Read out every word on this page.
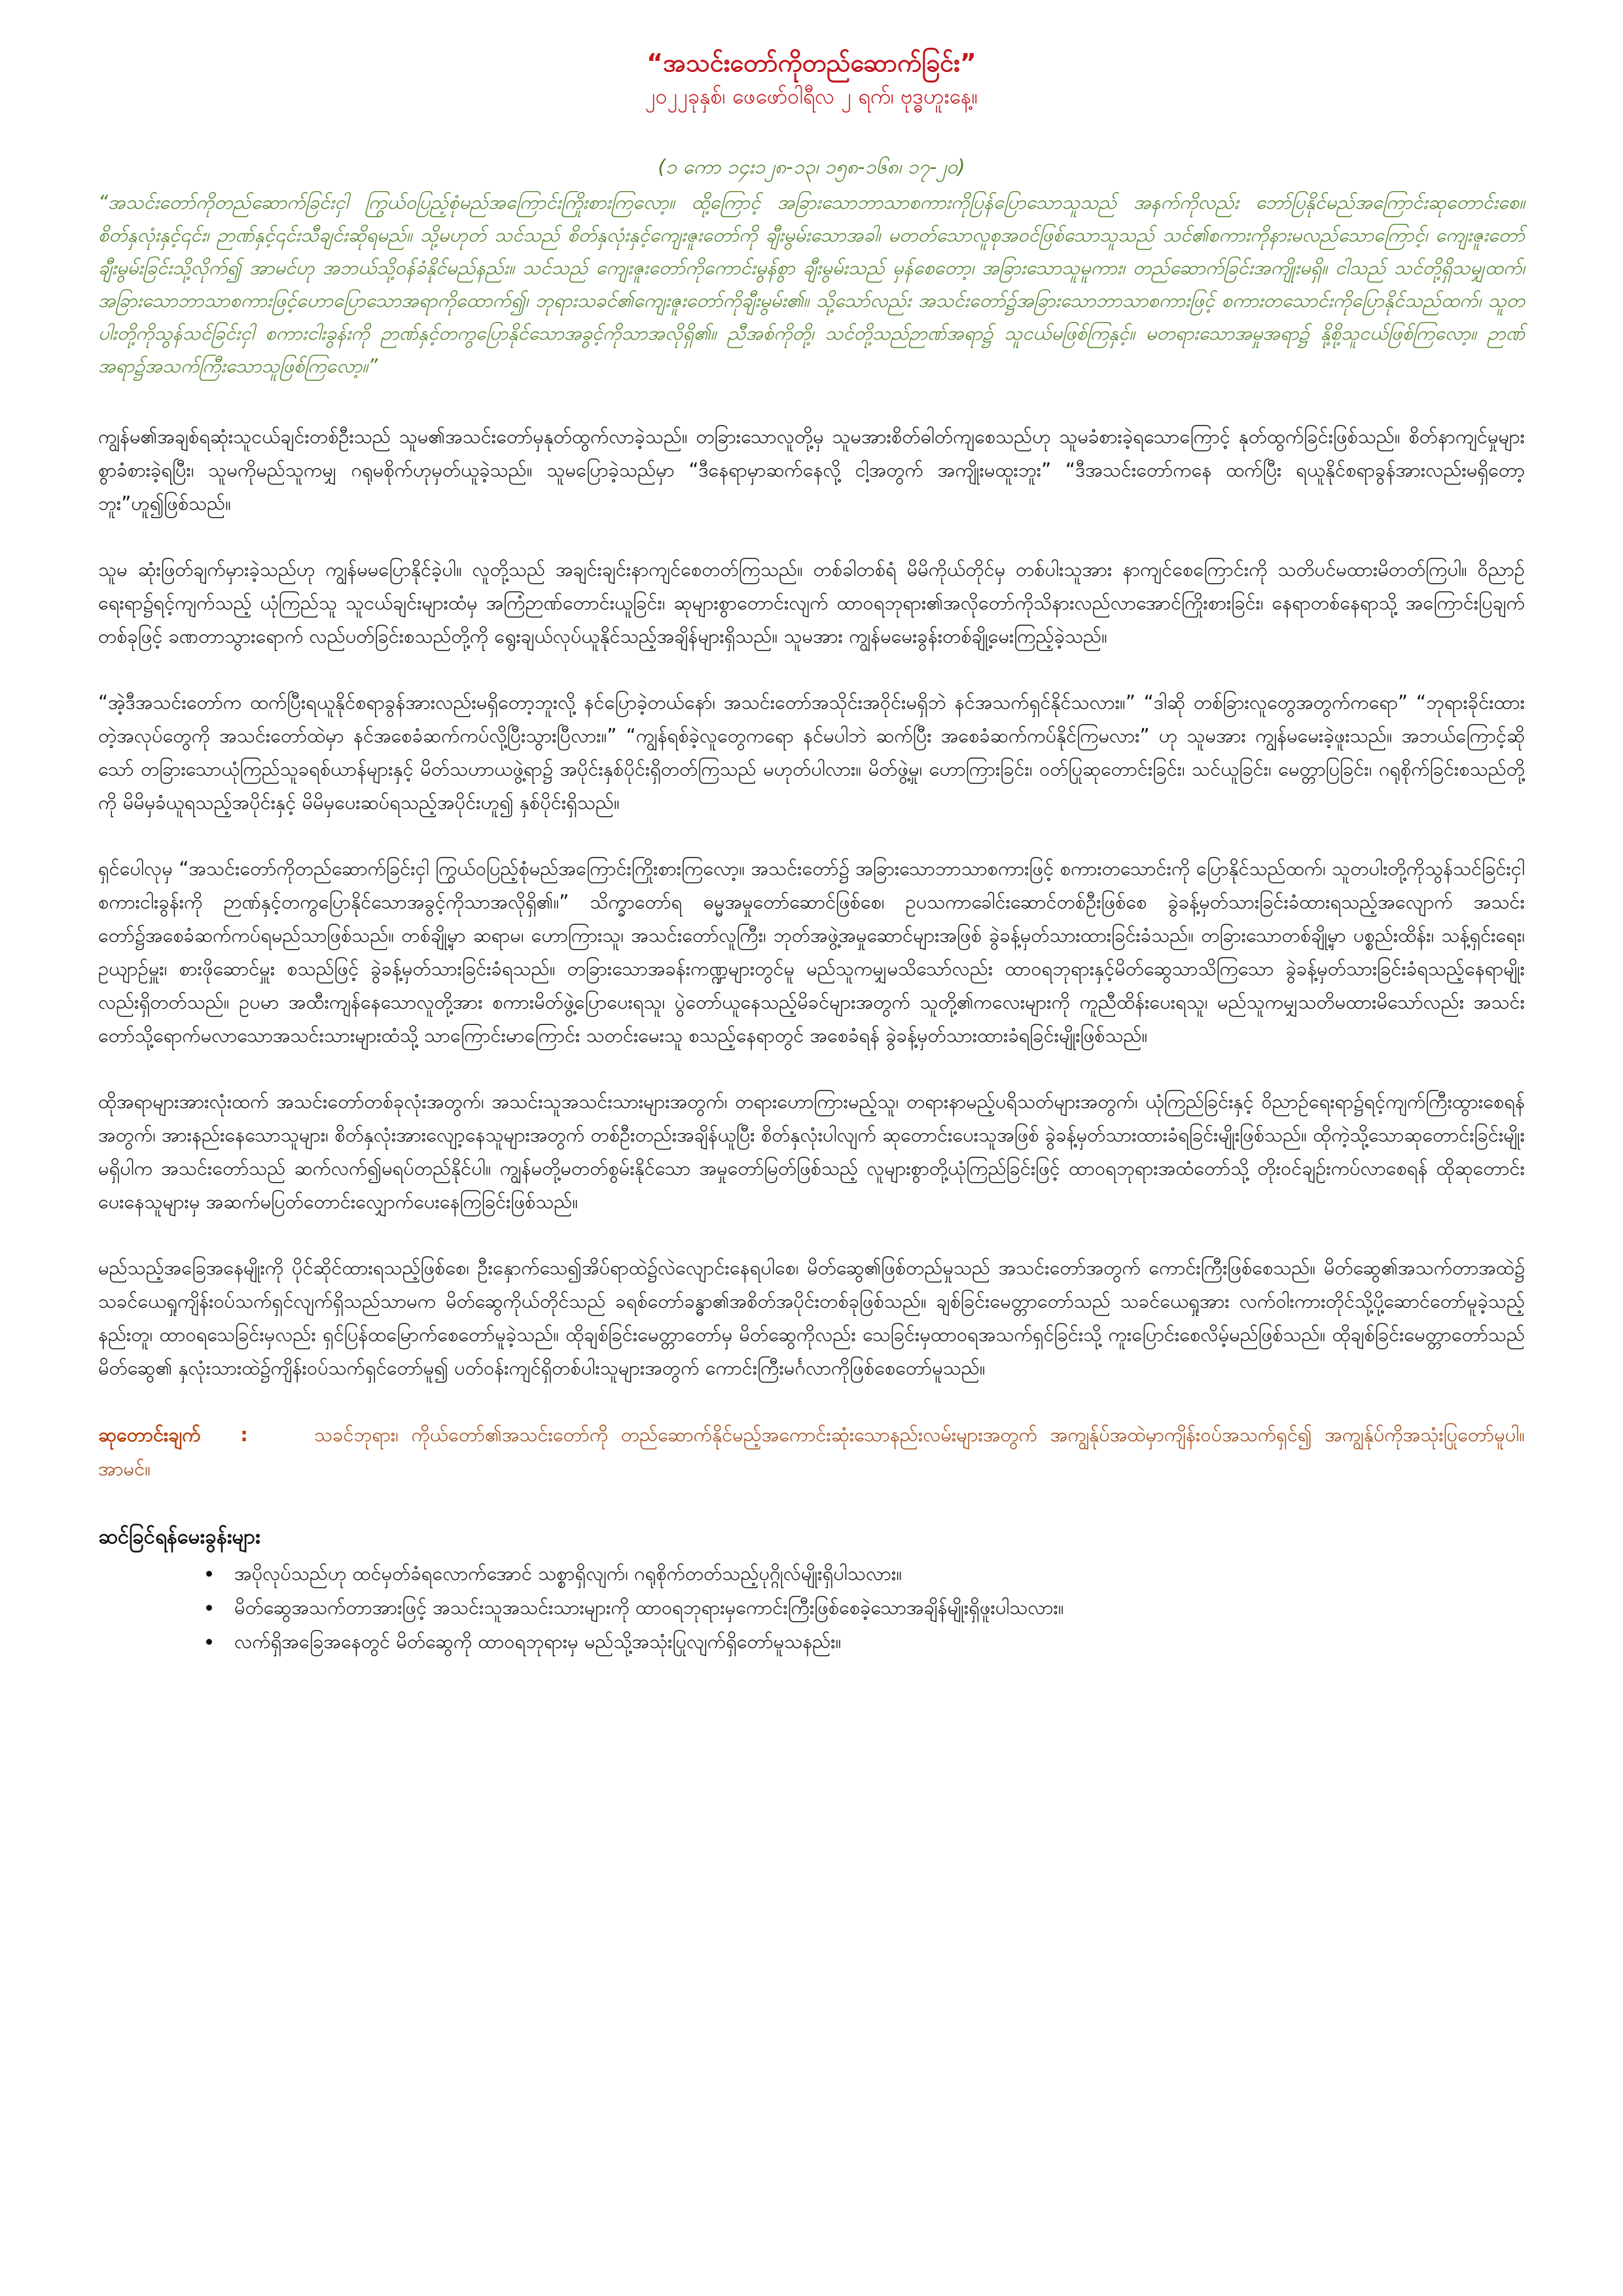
“အသင်းတော်ကိုတည်ဆောက်ခြင်း”

၂၀၂၂ခုနှစ်၊ ဖေဖော်ဝါရီလ ၂ ရက်၊ ဗုဒ္ဓဟူးနေ့။

(၁ ကော ၁၄း၁၂၈-၁၃၊ ၁၅၈-၁၆၈၊ ၁၇-၂၀)

“အသင်းတော်ကိုတည်ဆောက်ခြင်းငှါ ကြွယ်ဝပြည့်စုံမည်အကြောင်းကြိုးစားကြလော့။ ထို့ကြောင့် အခြားသောဘာသာစကားကိုပြန်ပြောသောသူသည် အနက်ကိုလည်း ဘော်ပြနိုင်မည်အကြောင်းဆုတောင်းစေ။ စိတ်နှလုံးနှင့်၎င်း၊ ဉာဏ်နှင့်၎င်းသီချင်းဆိုရမည်။ သို့မဟုတ် သင်သည် စိတ်နှလုံးနှင့်ကျေးဇူးတော်ကို ချီးမွမ်းသောအခါ၊ မတတ်သောလူစုအဝင်ဖြစ်သောသူသည် သင်၏စကားကိုနားမလည်သောကြောင့်၊ ကျေးဇူးတော်ချီးမွမ်းခြင်းသို့လိုက်၍ အာမင်ဟု အဘယ်သို့ဝန်ခံနိုင်မည်နည်း။ သင်သည် ကျေးဇူးတော်ကိုကောင်းမွန်စွာ ချီးမွမ်းသည် မှန်စေတော့၊ အခြားသောသူမူကား၊ တည်ဆောက်ခြင်းအကျိုးမရှိ။ ငါသည် သင်တို့ရှိသမျှထက်၊ အခြားသောဘာသာစကားဖြင့်ဟောပြောသောအရာကိုထောက်၍၊ ဘုရားသခင်၏ကျေးဇူးတော်ကိုချီးမွမ်း၏။ သို့သော်လည်း အသင်းတော်၌အခြားသောဘာသာစကားဖြင့် စကားတသောင်းကိုပြောနိုင်သည်ထက်၊ သူတပါးတို့ကိုသွန်သင်ခြင်းငှါ စကားငါးခွန်းကို ဉာဏ်နှင့်တကွပြောနိုင်သောအခွင့်ကိုသာအလိုရှိ၏။ ညီအစ်ကိုတို့၊ သင်တို့သည်ဉာဏ်အရာ၌ သူငယ်မဖြစ်ကြနှင့်။ မတရားသောအမှုအရာ၌ နို့စို့သူငယ်ဖြစ်ကြလော့။ ဉာဏ်အရာ၌အသက်ကြီးသောသူဖြစ်ကြလော့။”

ကျွန်မ၏အချစ်ရဆုံးသူငယ်ချင်းတစ်ဦးသည် သူမ၏အသင်းတော်မှနုတ်ထွက်လာခဲ့သည်။ တခြားသောလူတို့မှ သူမအားစိတ်ဓါတ်ကျစေသည်ဟု သူမခံစားခဲ့ရသောကြောင့် နုတ်ထွက်ခြင်းဖြစ်သည်။ စိတ်နာကျင်မှုများစွာခံစားခဲ့ရပြီး၊ သူမကိုမည်သူကမျှ ဂရုမစိုက်ဟုမှတ်ယူခဲ့သည်။ သူမပြောခဲ့သည်မှာ “ဒီနေရာမှာဆက်နေလို့ ငါ့အတွက် အကျိုးမထူးဘူး” “ဒီအသင်းတော်ကနေ ထက်ပြီး ရယူနိုင်စရာခွန်အားလည်းမရှိတော့ဘူး”ဟူ၍ဖြစ်သည်။

သူမ ဆုံးဖြတ်ချက်မှားခဲ့သည်ဟု ကျွန်မမပြောနိုင်ခဲ့ပါ။ လူတို့သည် အချင်းချင်းနာကျင်စေတတ်ကြသည်။ တစ်ခါတစ်ရံ မိမိကိုယ်တိုင်မှ တစ်ပါးသူအား နာကျင်စေကြောင်းကို သတိပင်မထားမိတတ်ကြပါ။ ဝိညာဉ်ရေးရာ၌ရင့်ကျက်သည့် ယုံကြည်သူ သူငယ်ချင်းများထံမှ အကြံဉာဏ်တောင်းယူခြင်း၊ ဆုများစွာတောင်းလျက် ထာဝရဘုရား၏အလိုတော်ကိုသိနားလည်လာအောင်ကြိုးစားခြင်း၊ နေရာတစ်နေရာသို့ အကြောင်းပြချက်တစ်ခုဖြင့် ခဏတာသွားရောက် လည်ပတ်ခြင်းစသည်တို့ကို ရွေးချယ်လုပ်ယူနိုင်သည့်အချိန်များရှိသည်။ သူမအား ကျွန်မမေးခွန်းတစ်ချို့မေးကြည့်ခဲ့သည်။

“အဲ့ဒီအသင်းတော်က ထက်ပြီးရယူနိုင်စရာခွန်အားလည်းမရှိတော့ဘူးလို့ နင်ပြောခဲ့တယ်နော်၊ အသင်းတော်အသိုင်းအဝိုင်းမရှိဘဲ နင်အသက်ရှင်နိုင်သလား။” “ဒါဆို တစ်ခြားလူတွေအတွက်ကရော” “ဘုရားခိုင်းထားတဲ့အလုပ်တွေကို အသင်းတော်ထဲမှာ နင်အစေခံဆက်ကပ်လို့ပြီးသွားပြီလား။” “ကျွန်ရစ်ခဲ့လူတွေကရော နင်မပါဘဲ ဆက်ပြီး အစေခံဆက်ကပ်နိုင်ကြမလား” ဟု သူမအား ကျွန်မမေးခဲ့ဖူးသည်။ အဘယ်ကြောင့်ဆိုသော် တခြားသောယုံကြည်သူခရစ်ယာန်များနှင့် မိတ်သဟာယဖွဲ့ရာ၌ အပိုင်းနှစ်ပိုင်းရှိတတ်ကြသည် မဟုတ်ပါလား။ မိတ်ဖွဲ့မှု၊ ဟောကြားခြင်း၊ ဝတ်ပြုဆုတောင်းခြင်း၊ သင်ယူခြင်း၊ မေတ္တာပြခြင်း၊ ဂရုစိုက်ခြင်းစသည်တို့ကို မိမိမှခံယူရသည့်အပိုင်းနှင့် မိမိမှပေးဆပ်ရသည့်အပိုင်းဟူ၍ နှစ်ပိုင်းရှိသည်။

ရှင်ပေါလုမှ “အသင်းတော်ကိုတည်ဆောက်ခြင်းငှါ ကြွယ်ဝပြည့်စုံမည်အကြောင်းကြိုးစားကြလော့။ အသင်းတော်၌ အခြားသောဘာသာစကားဖြင့် စကားတသောင်းကို ပြောနိုင်သည်ထက်၊ သူတပါးတို့ကိုသွန်သင်ခြင်းငှါ စကားငါးခွန်းကို ဉာဏ်နှင့်တကွပြောနိုင်သောအခွင့်ကိုသာအလိုရှိ၏။” သိက္ခာတော်ရ ဓမ္မအမှုတော်ဆောင်ဖြစ်စေ၊ ဥပသကာခေါင်းဆောင်တစ်ဦးဖြစ်စေ ခွဲခန့်မှတ်သားခြင်းခံထားရသည့်အလျောက် အသင်းတော်၌အစေခံဆက်ကပ်ရမည်သာဖြစ်သည်။ တစ်ချို့မှာ ဆရာမ၊ ဟောကြားသူ၊ အသင်းတော်လူကြီး၊ ဘုတ်အဖွဲ့အမှုဆောင်များအဖြစ် ခွဲခန့်မှတ်သားထားခြင်းခံသည်။ တခြားသောတစ်ချို့မှာ ပစ္စည်းထိန်း၊ သန့်ရှင်းရေး၊ ဥယျာဉ်မှူး၊ စားဖိုဆောင်မှူး စသည်ဖြင့် ခွဲခန့်မှတ်သားခြင်းခံရသည်။ တခြားသောအခန်းကဏ္ဍများတွင်မူ မည်သူကမျှမသိသော်လည်း ထာဝရဘုရားနှင့်မိတ်ဆွေသာသိကြသော ခွဲခန့်မှတ်သားခြင်းခံရသည့်နေရာမျိုးလည်းရှိတတ်သည်။ ဥပမာ အထီးကျန်နေသောလူတို့အား စကားမိတ်ဖွဲ့ပြောပေးရသူ၊ ပွဲတော်ယူနေသည့်မိခင်များအတွက် သူတို့၏ကလေးများကို ကူညီထိန်းပေးရသူ၊ မည်သူကမျှသတိမထားမိသော်လည်း အသင်းတော်သို့ရောက်မလာသောအသင်းသားများထံသို့ သာကြောင်းမာကြောင်း သတင်းမေးသူ စသည့်နေရာတွင် အစေခံရန် ခွဲခန့်မှတ်သားထားခံရခြင်းမျိုးဖြစ်သည်။

ထိုအရာများအားလုံးထက် အသင်းတော်တစ်ခုလုံးအတွက်၊ အသင်းသူအသင်းသားများအတွက်၊ တရားဟောကြားမည့်သူ၊ တရားနာမည့်ပရိသတ်များအတွက်၊ ယုံကြည်ခြင်းနှင့် ဝိညာဉ်ရေးရာ၌ရင့်ကျက်ကြီးထွားစေရန်အတွက်၊ အားနည်းနေသောသူများ၊ စိတ်နှလုံးအားလျော့နေသူများအတွက် တစ်ဦးတည်းအချိန်ယူပြီး စိတ်နှလုံးပါလျက် ဆုတောင်းပေးသူအဖြစ် ခွဲခန့်မှတ်သားထားခံရခြင်းမျိုးဖြစ်သည်။ ထိုကဲ့သို့သောဆုတောင်းခြင်းမျိုးမရှိပါက အသင်းတော်သည် ဆက်လက်၍မရပ်တည်နိုင်ပါ။ ကျွန်မတို့မတတ်စွမ်းနိုင်သော အမှုတော်မြတ်ဖြစ်သည့် လူများစွာတို့ယုံကြည်ခြင်းဖြင့် ထာဝရဘုရားအထံတော်သို့ တိုးဝင်ချဉ်းကပ်လာစေရန် ထိုဆုတောင်းပေးနေသူများမှ အဆက်မပြတ်တောင်းလျှောက်ပေးနေကြခြင်းဖြစ်သည်။

မည်သည့်အခြေအနေမျိုးကို ပိုင်ဆိုင်ထားရသည့်ဖြစ်စေ၊ ဦးနှောက်သေ၍အိပ်ရာထဲ၌လဲလျောင်းနေရပါစေ၊ မိတ်ဆွေ၏ဖြစ်တည်မှုသည် အသင်းတော်အတွက် ကောင်းကြီးဖြစ်စေသည်။ မိတ်ဆွေ၏အသက်တာအထဲ၌ သခင်ယေရှုကျိန်းဝပ်သက်ရှင်လျက်ရှိသည်သာမက မိတ်ဆွေကိုယ်တိုင်သည် ခရစ်တော်ခန္ဓာ၏အစိတ်အပိုင်းတစ်ခုဖြစ်သည်။ ချစ်ခြင်းမေတ္တာတော်သည် သခင်ယေရှုအား လက်ဝါးကားတိုင်သို့ပို့ဆောင်တော်မူခဲ့သည့်နည်းတူ၊ ထာဝရသေခြင်းမှလည်း ရှင်ပြန်ထမြောက်စေတော်မူခဲ့သည်။ ထိုချစ်ခြင်းမေတ္တာတော်မှ မိတ်ဆွေကိုလည်း သေခြင်းမှထာဝရအသက်ရှင်ခြင်းသို့ ကူးပြောင်းစေလိမ့်မည်ဖြစ်သည်။ ထိုချစ်ခြင်းမေတ္တာတော်သည် မိတ်ဆွေ၏ နှလုံးသားထဲ၌ကျိန်းဝပ်သက်ရှင်တော်မူ၍ ပတ်ဝန်းကျင်ရှိတစ်ပါးသူများအတွက် ကောင်းကြီးမင်္ဂလာကိုဖြစ်စေတော်မူသည်။

ဆုတောင်းချက် :	သခင်ဘုရား၊ ကိုယ်တော်၏အသင်းတော်ကို တည်ဆောက်နိုင်မည့်အကောင်းဆုံးသောနည်းလမ်းများအတွက် အကျွန်ုပ်အထဲမှာကျိန်းဝပ်အသက်ရှင်၍ အကျွန်ုပ်ကိုအသုံးပြုတော်မူပါ။ အာမင်။

ဆင်ခြင်ရန်မေးခွန်းများ

• အပိုလုပ်သည်ဟု ထင်မှတ်ခံရလောက်အောင် သစ္စာရှိလျက်၊ ဂရုစိုက်တတ်သည့်ပုဂ္ဂိုလ်မျိုးရှိပါသလား။
• မိတ်ဆွေအသက်တာအားဖြင့် အသင်းသူအသင်းသားများကို ထာဝရဘုရားမှကောင်းကြီးဖြစ်စေခဲ့သောအချိန်မျိုးရှိဖူးပါသလား။
• လက်ရှိအခြေအနေတွင် မိတ်ဆွေကို ထာဝရဘုရားမှ မည်သို့အသုံးပြုလျက်ရှိတော်မူသနည်း။
